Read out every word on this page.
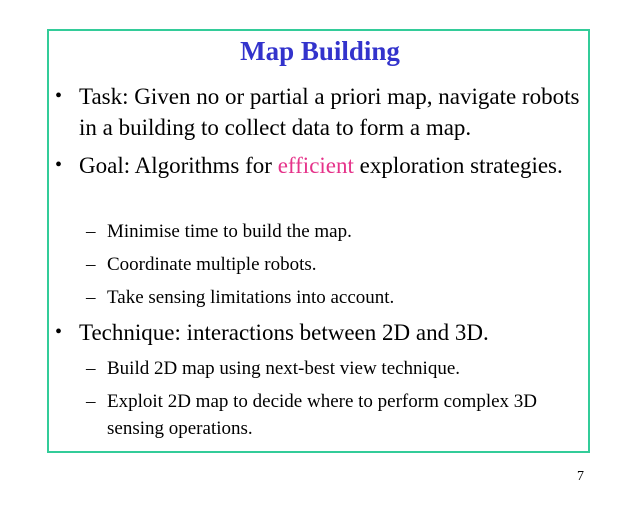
Map Building
• Task: Given no or partial a priori map, navigate robots in a building to collect data to form a map.
• Goal: Algorithms for efficient exploration strategies.
– Minimise time to build the map.
– Coordinate multiple robots.
– Take sensing limitations into account.
• Technique: interactions between 2D and 3D.
– Build 2D map using next-best view technique.
– Exploit 2D map to decide where to perform complex 3D sensing operations.
7
